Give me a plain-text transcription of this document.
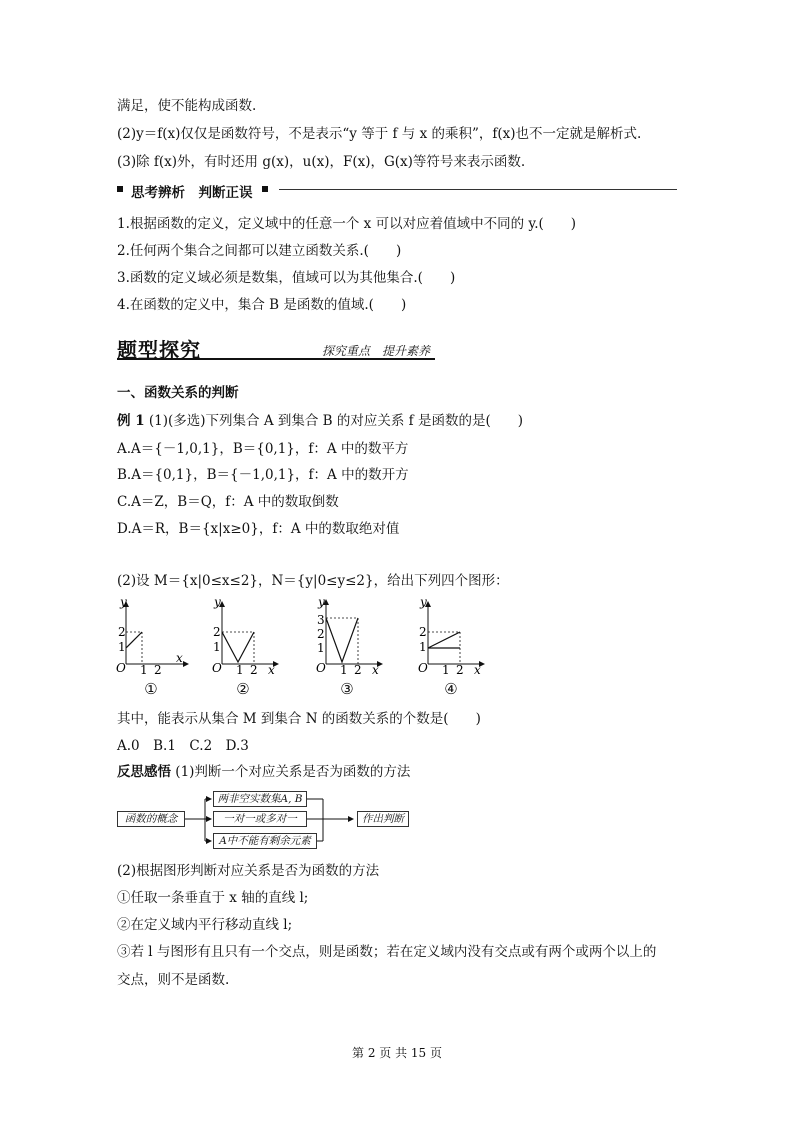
满足，使不能构成函数.
(2)y＝f(x)仅仅是函数符号，不是表示“y 等于 f 与 x 的乘积”，f(x)也不一定就是解析式.
(3)除 f(x)外，有时还用 g(x)，u(x)，F(x)，G(x)等符号来表示函数.
思考辨析　判断正误
1.根据函数的定义，定义域中的任意一个 x 可以对应着值域中不同的 y.(　　)
2.任何两个集合之间都可以建立函数关系.(　　)
3.函数的定义域必须是数集，值域可以为其他集合.(　　)
4.在函数的定义中，集合 B 是函数的值域.(　　)
题型探究	探究重点　提升素养
一、函数关系的判断
例 1 (1)(多选)下列集合 A 到集合 B 的对应关系 f 是函数的是(　　)
A.A＝{－1,0,1}，B＝{0,1}，f：A 中的数平方
B.A＝{0,1}，B＝{－1,0,1}，f：A 中的数开方
C.A＝Z，B＝Q，f：A 中的数取倒数
D.A＝R，B＝{x|x≥0}，f：A 中的数取绝对值
(2)设 M＝{x|0≤x≤2}，N＝{y|0≤y≤2}，给出下列四个图形：
y
O
x
2
1
1 2
①
y
O	x
2
1
1 2
②
y
O	x
3
2
1
1 2
③
y
O	x
2
1
1 2
④
其中，能表示从集合 M 到集合 N 的函数关系的个数是(　　)
A.0　B.1　C.2　D.3
反思感悟 (1)判断一个对应关系是否为函数的方法
函数的概念
两非空实数集A, B
一对一或多对一
A中不能有剩余元素
作出判断
(2)根据图形判断对应关系是否为函数的方法
①任取一条垂直于 x 轴的直线 l;
②在定义域内平行移动直线 l;
③若 l 与图形有且只有一个交点，则是函数；若在定义域内没有交点或有两个或两个以上的
交点，则不是函数.
第 2 页 共 15 页
